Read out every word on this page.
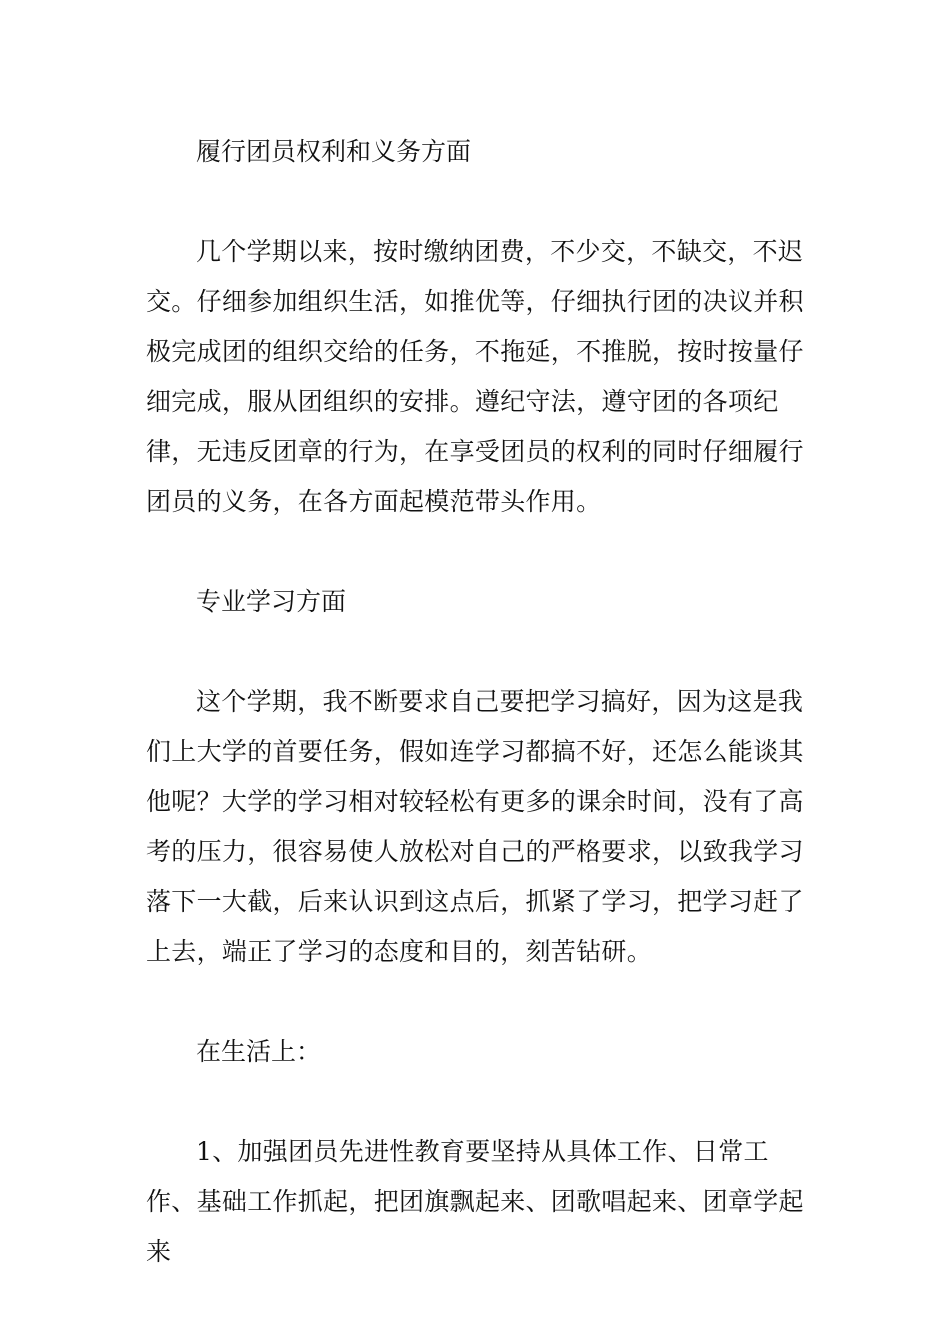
履行团员权利和义务方面

几个学期以来，按时缴纳团费，不少交，不缺交，不迟交。仔细参加组织生活，如推优等，仔细执行团的决议并积极完成团的组织交给的任务，不拖延，不推脱，按时按量仔细完成，服从团组织的安排。遵纪守法，遵守团的各项纪律，无违反团章的行为，在享受团员的权利的同时仔细履行团员的义务，在各方面起模范带头作用。

专业学习方面

这个学期，我不断要求自己要把学习搞好，因为这是我们上大学的首要任务，假如连学习都搞不好，还怎么能谈其他呢？大学的学习相对较轻松有更多的课余时间，没有了高考的压力，很容易使人放松对自己的严格要求，以致我学习落下一大截，后来认识到这点后，抓紧了学习，把学习赶了上去，端正了学习的态度和目的，刻苦钻研。

在生活上：

1、加强团员先进性教育要坚持从具体工作、日常工作、基础工作抓起，把团旗飘起来、团歌唱起来、团章学起来
